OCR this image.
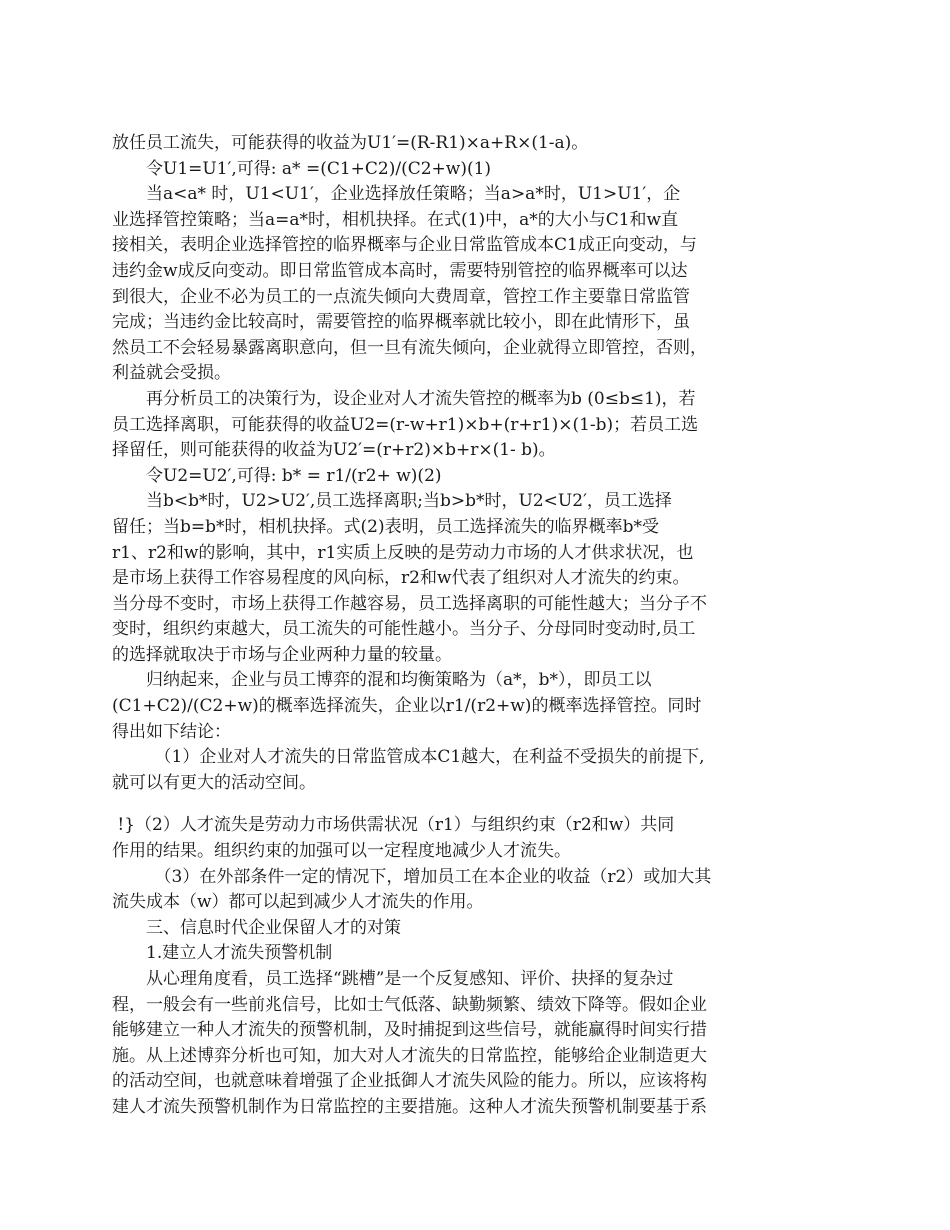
放任员工流失，可能获得的收益为U1′=(R-R1)×a+R×(1-a)。
令U1=U1′,可得: a* =(C1+C2)/(C2+w)(1)
当a<a* 时，U1<U1′，企业选择放任策略；当a>a*时，U1>U1′，企
业选择管控策略；当a=a*时，相机抉择。在式(1)中，a*的大小与C1和w直
接相关，表明企业选择管控的临界概率与企业日常监管成本C1成正向变动，与
违约金w成反向变动。即日常监管成本高时，需要特别管控的临界概率可以达
到很大，企业不必为员工的一点流失倾向大费周章，管控工作主要靠日常监管
完成；当违约金比较高时，需要管控的临界概率就比较小，即在此情形下，虽
然员工不会轻易暴露离职意向，但一旦有流失倾向，企业就得立即管控，否则，
利益就会受损。
再分析员工的决策行为，设企业对人才流失管控的概率为b (0≤b≤1)，若
员工选择离职，可能获得的收益U2=(r-w+r1)×b+(r+r1)×(1-b)；若员工选
择留任，则可能获得的收益为U2′=(r+r2)×b+r×(1- b)。
令U2=U2′,可得: b* = r1/(r2+ w)(2)
当b<b*时，U2>U2′,员工选择离职;当b>b*时，U2<U2′，员工选择
留任；当b=b*时，相机抉择。式(2)表明，员工选择流失的临界概率b*受
r1、r2和w的影响，其中，r1实质上反映的是劳动力市场的人才供求状况，也
是市场上获得工作容易程度的风向标，r2和w代表了组织对人才流失的约束。
当分母不变时，市场上获得工作越容易，员工选择离职的可能性越大；当分子不
变时，组织约束越大，员工流失的可能性越小。当分子、分母同时变动时,员工
的选择就取决于市场与企业两种力量的较量。
归纳起来，企业与员工博弈的混和均衡策略为（a*，b*），即员工以
(C1+C2)/(C2+w)的概率选择流失，企业以r1/(r2+w)的概率选择管控。同时
得出如下结论：
（1）企业对人才流失的日常监管成本C1越大，在利益不受损失的前提下,
就可以有更大的活动空间。
!}（2）人才流失是劳动力市场供需状况（r1）与组织约束（r2和w）共同
作用的结果。组织约束的加强可以一定程度地减少人才流失。
（3）在外部条件一定的情况下，增加员工在本企业的收益（r2）或加大其
流失成本（w）都可以起到减少人才流失的作用。
三、信息时代企业保留人才的对策
1.建立人才流失预警机制
从心理角度看，员工选择“跳槽”是一个反复感知、评价、抉择的复杂过
程，一般会有一些前兆信号，比如士气低落、缺勤频繁、绩效下降等。假如企业
能够建立一种人才流失的预警机制，及时捕捉到这些信号，就能赢得时间实行措
施。从上述博弈分析也可知，加大对人才流失的日常监控，能够给企业制造更大
的活动空间，也就意味着增强了企业抵御人才流失风险的能力。所以，应该将构
建人才流失预警机制作为日常监控的主要措施。这种人才流失预警机制要基于系
